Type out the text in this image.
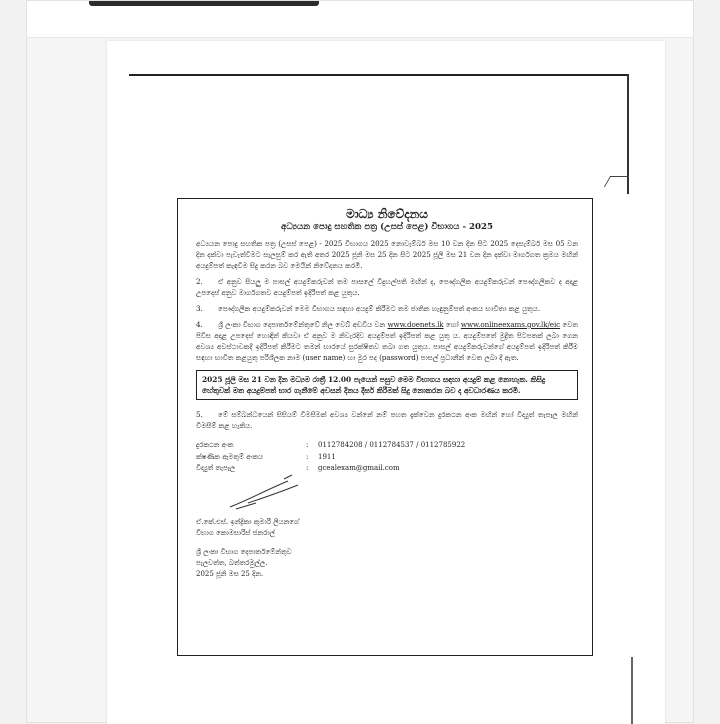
මාධ්‍ය නිවේදනය
අධ්‍යයන පොදු සහතික පත්‍ර (උසස් පෙළ) විභාගය - 2025

අධ්‍යයන පොදු සහතික පත්‍ර (උසස් පෙළ) - 2025 විභාගය 2025 නොවැම්බර් මස 10 වන දින සිට 2025 දෙසැම්බර් මස 05 වන දින දක්වා පැවැත්වීමට සැලසුම් කර ඇති අතර 2025 ජූනි මස 25 දින සිට 2025 ජූලි මස 21 වන දින දක්වා මාර්ගගත ක්‍රමය මඟින් අයදුම්පත් කැඳවීම සිදු කරන බව මෙයින් නිවේදනය කරමි.

2. ඒ අනුව සියලු ම පාසල් අයදුම්කරුවන් තම පාසලේ විදුහල්පති මඟින් ද, පෞද්ගලික අයදුම්කරුවන් පෞද්ගලිකව ද අදාළ උපදෙස් අනුව මාර්ගගතව අයදුම්පත් ඉදිරිපත් කළ යුතුය.

3. පෞද්ගලික අයදුම්කරුවන් මෙම විභාගය සඳහා අයදුම් කිරීමට තම ජාතික හැඳුනුම්පත් අංකය භාවිතා කළ යුතුය.

4. ශ්‍රී ලංකා විභාග දෙපාර්තමේන්තුවේ නිල වෙබ් අඩවිය වන www.doenets.lk හෝ www.onlineexams.gov.lk/eic වෙත පිවිස අදාළ උපදෙස් හොඳින් කියවා ඒ අනුව ම නිවැරදිව අයදුම්පත් ඉදිරිපත් කළ යුතු ය. අයදුම්පතේ මුද්‍රිත පිටපතක් ලබා ගෙන අවශ්‍ය අවස්ථාවකදී ඉදිරිපත් කිරීමට තමන් භාරයේ සුරක්ෂිතව තබා ගත යුතුය. පාසල් අයදුම්කරුවන්ගේ අයදුම්පත් ඉදිරිපත් කිරීම සඳහා භාවිත කළයුතු පරිශීලක නාම (user name) හා මුර පද (password) පාසල් ප්‍රධානීන් වෙත ලබා දී ඇත.

2025 ජූලි මස 21 වන දින මධ්‍යම රාත්‍රී 12.00 පැයෙන් පසුව මෙම විභාගය සඳහා අයදුම් කළ නොහැක. කිසිදු හේතුවක් මත අයදුම්පත් භාර ගැනීමේ අවසන් දිනය දීර්ඝ කිරීමක් සිදු නොකරන බව ද අවධාරණය කරමි.

5. මේ සම්බන්ධයෙන් සිසියම් විමසීමක් අවශ්‍ය වන්නේ නම් පහත දැක්වෙන දුරකථන අංක මඟින් හෝ විද්‍යුත් තැපෑල මඟින් විමසීම් කළ හැකිය.

දුරකථන අංක	:	0112784208 / 0112784537 / 0112785922
ක්ෂණික ඇමතුම් අංකය	:	1911
විද්‍යුත් තැපෑල	:	gcealexam@gmail.com
ඒ.කේ.එස්. ඉන්ද්‍රිකා කුමාරි ලියනගේ
විභාග කොමසාරිස් ජනරාල්
ශ්‍රී ලංකා විභාග දෙපාර්තමේන්තුව
පැලවත්ත, බත්තරමුල්ල.
2025 ජූනි මස 25 දින.
